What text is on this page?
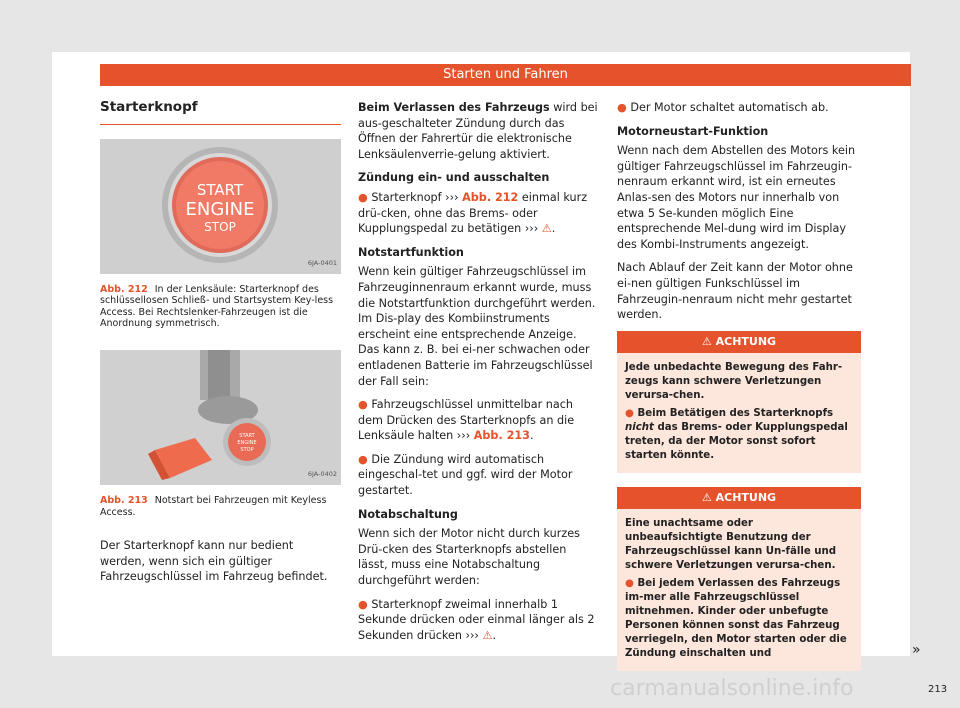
Starten und Fahren
Starterknopf
START
ENGINE
STOP
6JA-0401
Abb. 212 In der Lenksäule: Starterknopf des schlüssellosen Schließ- und Startsystem Key-less Access. Bei Rechtslenker-Fahrzeugen ist die Anordnung symmetrisch.
START
ENGINE
STOP
6JA-0402
Abb. 213 Notstart bei Fahrzeugen mit Keyless Access.

Der Starterknopf kann nur bedient werden, wenn sich ein gültiger Fahrzeugschlüssel im Fahrzeug befindet.

Beim Verlassen des Fahrzeugs wird bei aus-geschalteter Zündung durch das Öffnen der Fahrertür die elektronische Lenksäulenverrie-gelung aktiviert.

Zündung ein- und ausschalten

● Starterknopf ››› Abb. 212 einmal kurz drü-cken, ohne das Brems- oder Kupplungspedal zu betätigen ››› ⚠.

Notstartfunktion

Wenn kein gültiger Fahrzeugschlüssel im Fahrzeuginnenraum erkannt wurde, muss die Notstartfunktion durchgeführt werden. Im Dis-play des Kombiinstruments erscheint eine entsprechende Anzeige. Das kann z. B. bei ei-ner schwachen oder entladenen Batterie im Fahrzeugschlüssel der Fall sein:

● Fahrzeugschlüssel unmittelbar nach dem Drücken des Starterknopfs an die Lenksäule halten ››› Abb. 213.

● Die Zündung wird automatisch eingeschal-tet und ggf. wird der Motor gestartet.

Notabschaltung

Wenn sich der Motor nicht durch kurzes Drü-cken des Starterknopfs abstellen lässt, muss eine Notabschaltung durchgeführt werden:

● Starterknopf zweimal innerhalb 1 Sekunde drücken oder einmal länger als 2 Sekunden drücken ››› ⚠.

● Der Motor schaltet automatisch ab.

Motorneustart-Funktion

Wenn nach dem Abstellen des Motors kein gültiger Fahrzeugschlüssel im Fahrzeugin-nenraum erkannt wird, ist ein erneutes Anlas-sen des Motors nur innerhalb von etwa 5 Se-kunden möglich Eine entsprechende Mel-dung wird im Display des Kombi-Instruments angezeigt.

Nach Ablauf der Zeit kann der Motor ohne ei-nen gültigen Funkschlüssel im Fahrzeugin-nenraum nicht mehr gestartet werden.

⚠ ACHTUNG

Jede unbedachte Bewegung des Fahr-zeugs kann schwere Verletzungen verursa-chen.

● Beim Betätigen des Starterknopfs nicht das Brems- oder Kupplungspedal treten, da der Motor sonst sofort starten könnte.

⚠ ACHTUNG

Eine unachtsame oder unbeaufsichtigte Benutzung der Fahrzeugschlüssel kann Un-fälle und schwere Verletzungen verursa-chen.

● Bei jedem Verlassen des Fahrzeugs im-mer alle Fahrzeugschlüssel mitnehmen. Kinder oder unbefugte Personen können sonst das Fahrzeug verriegeln, den Motor starten oder die Zündung einschalten und	»
213
carmanualsonline.info
